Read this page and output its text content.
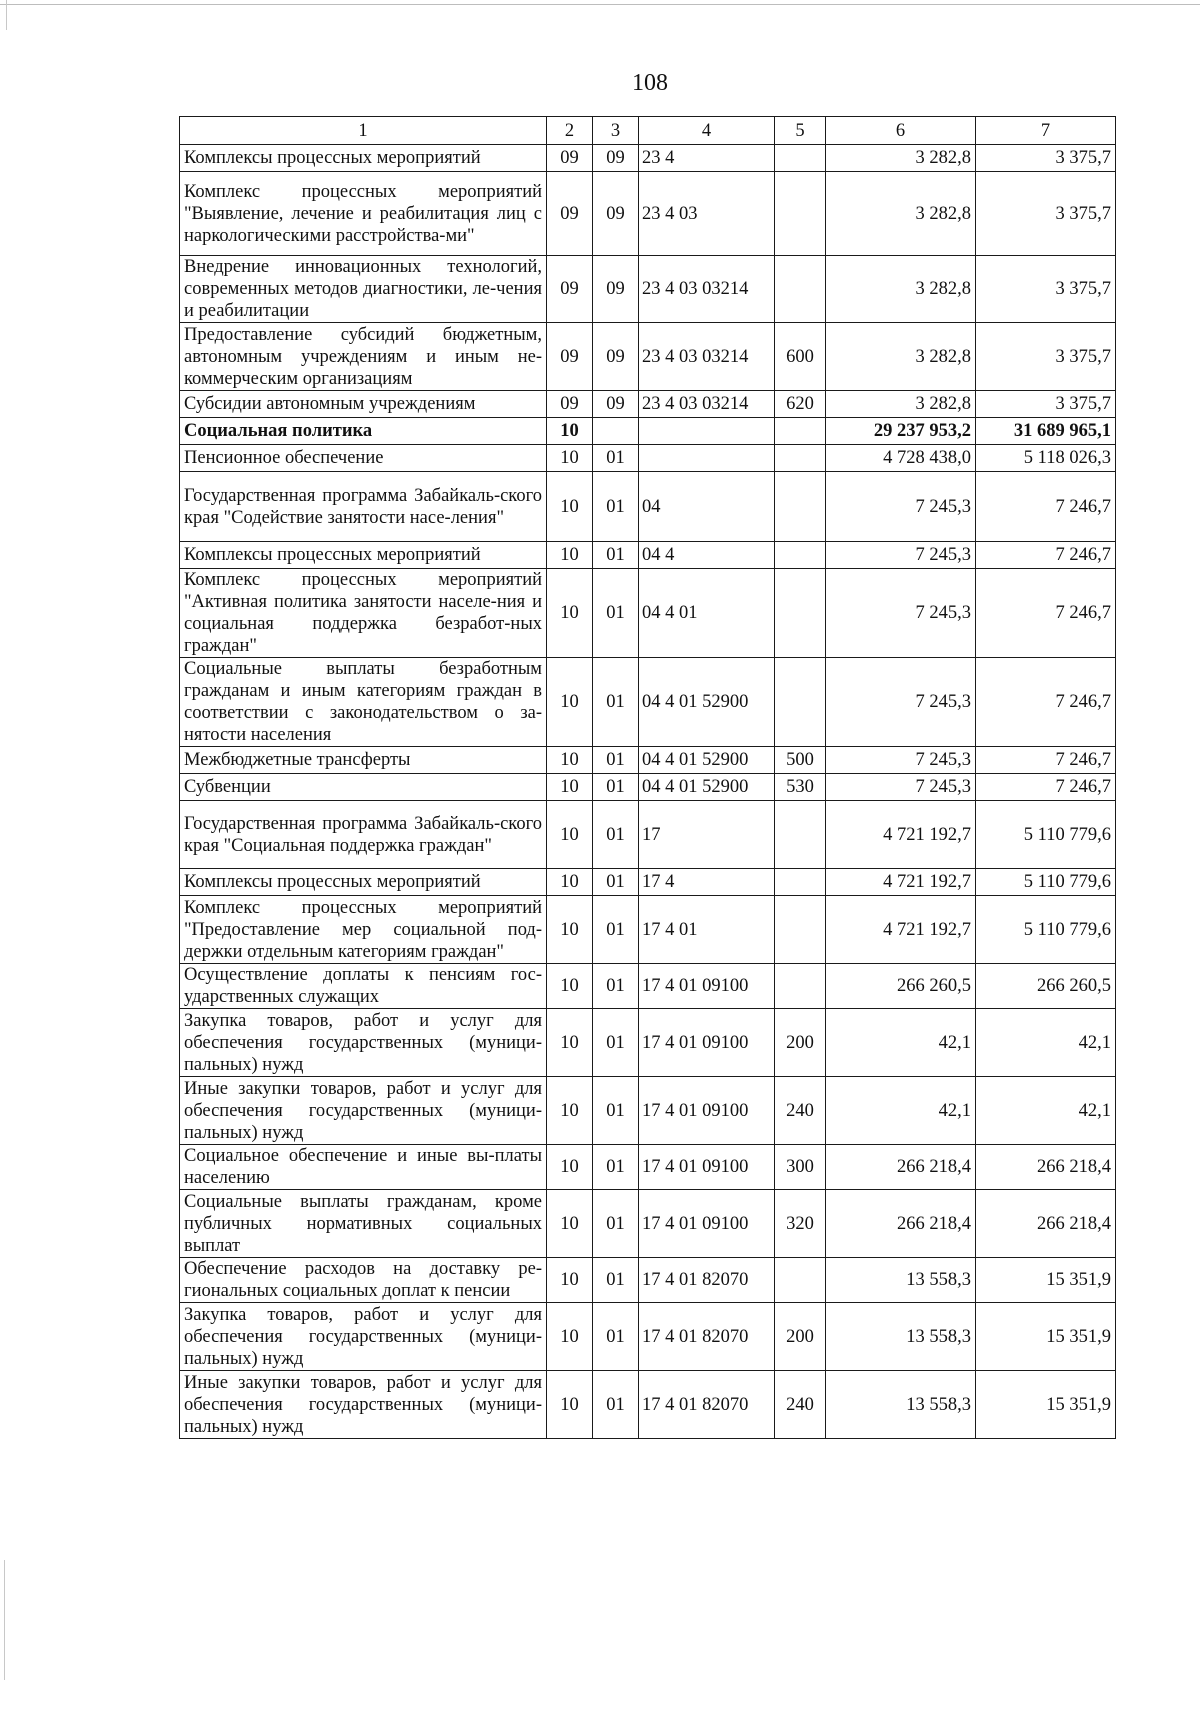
108
1	2	3	4	5	6	7
Комплексы процессных мероприятий	09	09	23 4		3 282,8	3 375,7
Комплекс процессных мероприятий "Выявление, лечение и реабилитация лиц с наркологическими расстройства-ми"	09	09	23 4 03		3 282,8	3 375,7
Внедрение инновационных технологий, современных методов диагностики, ле-чения и реабилитации	09	09	23 4 03 03214		3 282,8	3 375,7
Предоставление субсидий бюджетным, автономным учреждениям и иным не-коммерческим организациям	09	09	23 4 03 03214	600	3 282,8	3 375,7
Субсидии автономным учреждениям	09	09	23 4 03 03214	620	3 282,8	3 375,7
Социальная политика	10				29 237 953,2	31 689 965,1
Пенсионное обеспечение	10	01			4 728 438,0	5 118 026,3
Государственная программа Забайкаль-ского края "Содействие занятости насе-ления"	10	01	04		7 245,3	7 246,7
Комплексы процессных мероприятий	10	01	04 4		7 245,3	7 246,7
Комплекс процессных мероприятий "Активная политика занятости населе-ния и социальная поддержка безработ-ных граждан"	10	01	04 4 01		7 245,3	7 246,7
Социальные выплаты безработным гражданам и иным категориям граждан в соответствии с законодательством о за-нятости населения	10	01	04 4 01 52900		7 245,3	7 246,7
Межбюджетные трансферты	10	01	04 4 01 52900	500	7 245,3	7 246,7
Субвенции	10	01	04 4 01 52900	530	7 245,3	7 246,7
Государственная программа Забайкаль-ского края "Социальная поддержка граждан"	10	01	17		4 721 192,7	5 110 779,6
Комплексы процессных мероприятий	10	01	17 4		4 721 192,7	5 110 779,6
Комплекс процессных мероприятий "Предоставление мер социальной под-держки отдельным категориям граждан"	10	01	17 4 01		4 721 192,7	5 110 779,6
Осуществление доплаты к пенсиям гос-ударственных служащих	10	01	17 4 01 09100		266 260,5	266 260,5
Закупка товаров, работ и услуг для обеспечения государственных (муници-пальных) нужд	10	01	17 4 01 09100	200	42,1	42,1
Иные закупки товаров, работ и услуг для обеспечения государственных (муници-пальных) нужд	10	01	17 4 01 09100	240	42,1	42,1
Социальное обеспечение и иные вы-платы населению	10	01	17 4 01 09100	300	266 218,4	266 218,4
Социальные выплаты гражданам, кроме публичных нормативных социальных выплат	10	01	17 4 01 09100	320	266 218,4	266 218,4
Обеспечение расходов на доставку ре-гиональных социальных доплат к пенсии	10	01	17 4 01 82070		13 558,3	15 351,9
Закупка товаров, работ и услуг для обеспечения государственных (муници-пальных) нужд	10	01	17 4 01 82070	200	13 558,3	15 351,9
Иные закупки товаров, работ и услуг для обеспечения государственных (муници-пальных) нужд	10	01	17 4 01 82070	240	13 558,3	15 351,9
